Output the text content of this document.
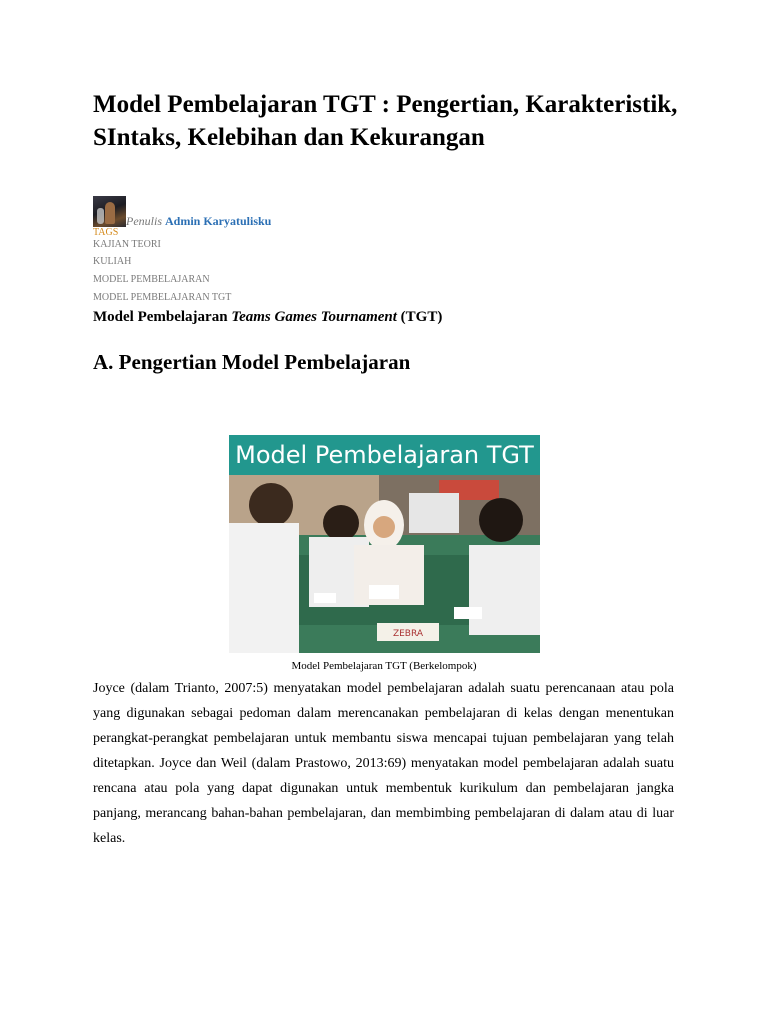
Model Pembelajaran TGT : Pengertian, Karakteristik, SIntaks, Kelebihan dan Kekurangan
Penulis Admin Karyatulisku
TAGS
KAJIAN TEORI
KULIAH
MODEL PEMBELAJARAN
MODEL PEMBELAJARAN TGT
Model Pembelajaran Teams Games Tournament (TGT)
A. Pengertian Model Pembelajaran
Model Pembelajaran TGT
ZEBRA
Model Pembelajaran TGT (Berkelompok)

Joyce (dalam Trianto, 2007:5) menyatakan model pembelajaran adalah suatu perencanaan atau pola yang digunakan sebagai pedoman dalam merencanakan pembelajaran di kelas dengan menentukan perangkat-perangkat pembelajaran untuk membantu siswa mencapai tujuan pembelajaran yang telah ditetapkan. Joyce dan Weil (dalam Prastowo, 2013:69) menyatakan model pembelajaran adalah suatu rencana atau pola yang dapat digunakan untuk membentuk kurikulum dan pembelajaran jangka panjang, merancang bahan-bahan pembelajaran, dan membimbing pembelajaran di dalam atau di luar kelas.
